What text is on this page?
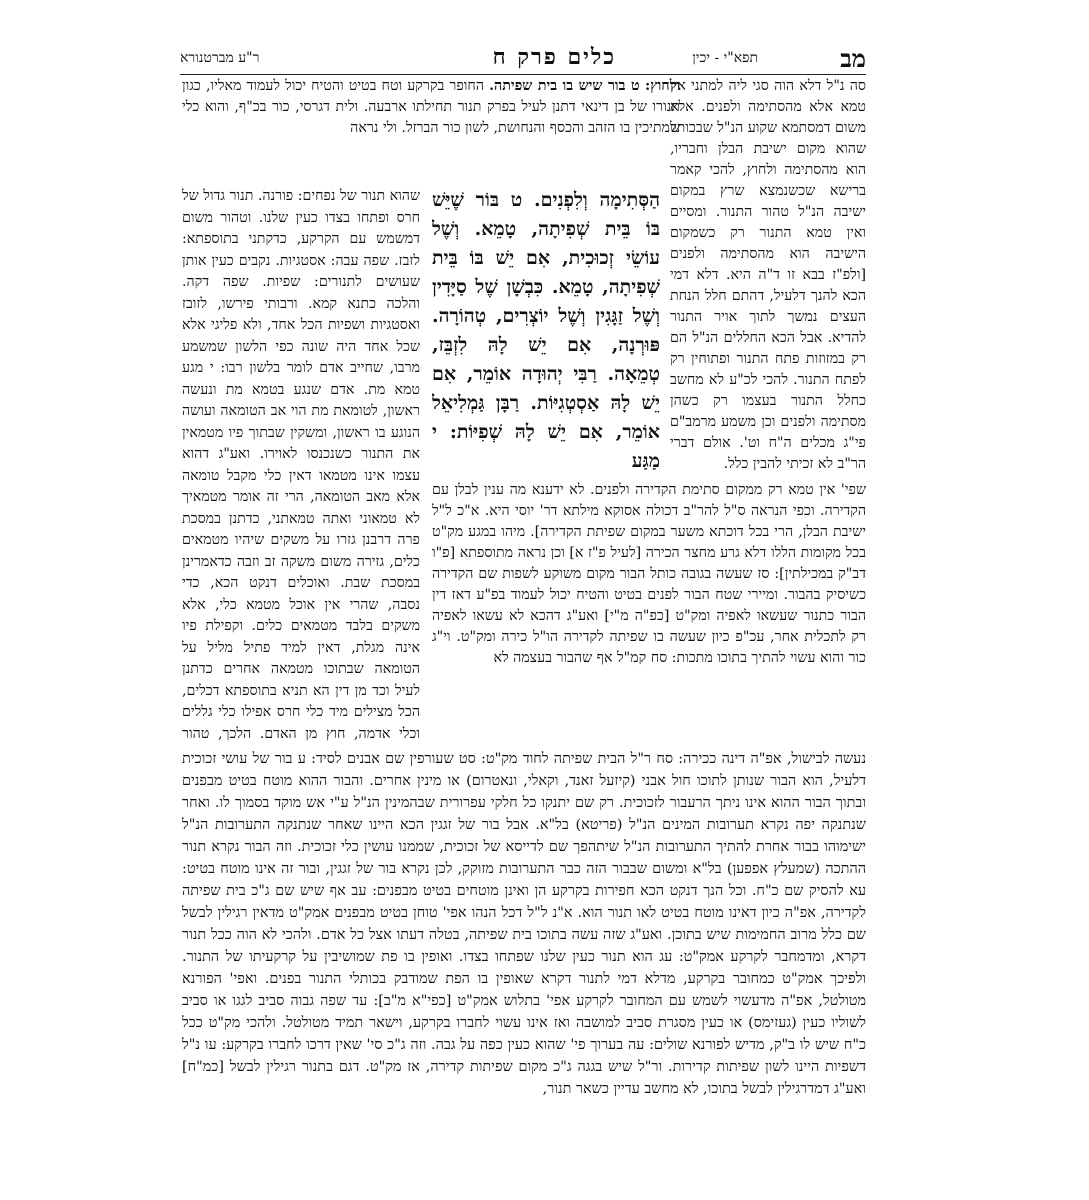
מב
תפא"י - יכין
כלים פרק ח
ר"ע מברטנורא

סה נ"ל דלא הוה סגי ליה למתני אין טמא אלא מהסתימה ולפנים. אלא משום דמסתמא שקוע הנ"ל שבכותל שהוא מקום ישיבת הבלן וחבריו, הוא מהסתימה ולחוץ, להכי קאמר ברישא שכשנמצא שרץ במקום ישיבה הנ"ל טהור התנור. ומסיים ואין טמא התנור רק כשמקום הישיבה הוא מהסתימה ולפנים [ולפ"ז בבא זו ד"ה היא. דלא דמי הכא להנך דלעיל, דהתם חלל הנחת העצים נמשך לתוך אויר התנור להדיא. אבל הכא החללים הנ"ל הם רק במזוזות פתח התנור ופתוחין רק לפתח התנור. להכי לכ"ע לא מחשב כחלל התנור בעצמו רק כשהן מסתימה ולפנים וכן משמע מרמב"ם פי"ג מכלים ה"ח וט'. אולם דברי הר"ב לא זכיתי להבין כלל.

ולחוץ: ט בור שיש בו בית שפיתה. החופר בקרקע וטח בטיט והטיח יכול לעמוד מאליו, כגון תנורו של בן דינאי דתנן לעיל בפרק תנור תחילתו ארבעה. ולית דגרסי, כור בכ"ף, והוא כלי שמתיכין בו הזהב והכסף והנחושת, לשון כור הברזל. ולי נראה

הַסְּתִימָה וְלִפְנִים. ט בּוֹר שֶׁיֵּשׁ בּוֹ בֵּית שְׁפִיתָה, טָמֵא. וְשֶׁל עוֹשֵׂי זְכוּכִית, אִם יֵשׁ בּוֹ בֵּית שְׁפִיתָה, טָמֵא. כִּבְשָׁן שֶׁל סַיָּדִין וְשֶׁל זַגָּגִין וְשֶׁל יוֹצְרִים, טְהוֹרָה. פּוּרְנָה, אִם יֵשׁ לָהּ לִזְבֵּז, טְמֵאָה. רַבִּי יְהוּדָה אוֹמֵר, אִם יֵשׁ לָהּ אַסְטְגִיּוֹת. רַבָּן גַּמְלִיאֵל אוֹמֵר, אִם יֵשׁ לָהּ שְׁפִיּוֹת: י מַגַּע

שהוא תנור של נפחים: פורנה. תנור גדול של חרס ופתחו בצדו כעין שלנו. וטהור משום דמשמש עם הקרקע, כדקתני בתוספתא: לזבז. שפה עבה: אסטגיות. נקבים כעין אותן שעושים לתנורים: שפיות. שפה דקה. והלכה כתנא קמא. ורבותי פירשו, לזובז ואסטגיות ושפיות הכל אחד, ולא פליגי אלא שכל אחד היה שונה כפי הלשון שמשמע מרבו, שחייב אדם לומר בלשון רבו: י מגע טמא מת. אדם שנגע בטמא מת ונעשה ראשון, לטומאת מת הוי אב הטומאה ועושה הנוגע בו ראשון, ומשקין שבתוך פיו מטמאין את התנור כשנכנסו לאוירו. ואע"ג דהוא עצמו אינו מטמאו דאין כלי מקבל טומאה אלא מאב הטומאה, הרי זה אומר מטמאיך לא טמאוני ואתה טמאתני, כדתנן במסכת פרה דרבנן גזרו על משקים שיהיו מטמאים כלים, גזירה משום משקה זב וזבה כדאמרינן במסכת שבת. ואוכלים דנקט הכא, כדי נסבה, שהרי אין אוכל מטמא כלי, אלא משקים בלבד מטמאים כלים. וקפילת פיו אינה מגלת, דאין למיד פתיל מליל על הטומאה שבתוכו מטמאה אחרים כדתנן לעיל וכד מן דין הא תניא בתוספתא דכלים, הכל מצילים מיד כלי חרס אפילו כלי גללים וכלי אדמה, חוץ מן האדם. הלכך, טהור

שפי' אין טמא רק ממקום סתימת הקדירה ולפנים. לא ידענא מה ענין לבלן עם הקדירה. וכפי הנראה ס"ל להר"ב דכולה אסוקא מילתא דר' יוסי היא. א"כ ל"ל ישיבת הבלן, הרי בכל דוכתא משער במקום שפיתת הקדירה]. מיהו במגע מק"ט בכל מקומות הללו דלא גרע מחצר הכירה [לעיל פ"ז א] וכן נראה מתוספתא [פ"ו דב"ק במכילתין]: סז שעשה בגובה כותל הבור מקום משוקע לשפות שם הקדירה כשיסיק בהבור. ומיירי שטח הבור לפנים בטיט והטיח יכול לעמוד בפ"ע דאז דין הבור כתנור שעשאו לאפיה ומק"ט [כפ"ה מ"י] ואע"ג דהכא לא עשאו לאפיה רק לתכלית אחר, עכ"פ כיון שעשה בו שפיתה לקדירה הו"ל כירה ומק"ט. וי"ג כור והוא עשוי להתיך בתוכו מתכות: סח קמ"ל אף שהבור בעצמה לא

נעשה לבישול, אפ"ה דינה ככירה: סח ר"ל הבית שפיתה לחוד מק"ט: סט שעורפין שם אבנים לסיד: ע בור של עושי זכוכית דלעיל, הוא הבור שנותן לתוכו חול אבני (קיזעל זאנד, וקאלי, ונאטרום) או מינין אחרים. והבור ההוא מוטח בטיט מבפנים ובתוך הבור ההוא אינו ניתך הרעבור לזכוכית. רק שם יתנקו כל חלקי עפרורית שבהמינין הנ"ל ע"י אש מוקד בסמוך לו. ואחר שנתנקה יפה נקרא תערובות המינים הנ"ל (פריטא) בל"א. אבל בור של זגגין הכא היינו שאחר שנתנקה התערובות הנ"ל ישימוהו בבור אחרת להתיך התערובות הנ"ל שיתהפך שם לדייסא של זכוכית, שממנו עושין כלי זכוכית. וזה הבור נקרא תנור ההתכה (שמעלץ אפפען) בל"א ומשום שבבור הזה כבר התערובות מזוקק, לכן נקרא בור של זגגין, ובור זה אינו מוטח בטיט: עא להסיק שם כ"ח. וכל הנך דנקט הכא חפירות בקרקע הן ואינן מוטחים בטיט מבפנים: עב אף שיש שם ג"כ בית שפיתה לקדירה, אפ"ה כיון דאינו מוטח בטיט לאו תנור הוא. א"נ ל"ל דכל הנהו אפי' טוחן בטיט מבפנים אמק"ט מדאין רגילין לבשל שם כלל מרוב החמימות שיש בתוכן. ואע"ג שזה עשה בתוכו בית שפיתה, בטלה דעתו אצל כל אדם. ולהכי לא הוה ככל תנור דקרא, ומדמחבר לקרקע אמק"ט: עג הוא תנור כעין שלנו שפתחו בצדו. ואופין בו פת שמושיבין על קרקעיתו של התנור. ולפיכך אמק"ט כמחובר בקרקע, מדלא דמי לתנור דקרא שאופין בו הפת שמודבק בכותלי התנור בפנים. ואפי' הפורנא מטולטל, אפ"ה מדעשוי לשמש עם המחובר לקרקע אפי' בתלוש אמק"ט [כפי"א מ"ב]: עד שפה גבוה סביב לגגו או סביב לשוליו כעין (געזימס) או כעין מסגרת סביב למושבה ואז אינו עשוי לחברו בקרקע, וישאר תמיד מטולטל. ולהכי מק"ט ככל כ"ח שיש לו ב"ק, מדיש לפורנא שולים: עה בערוך פי' שהוא כעין כפה על גבה. וזה ג"כ סי' שאין דרכו לחברו בקרקע: עו נ"ל דשפיות היינו לשון שפיתות קדירות. ור"ל שיש בגגה ג"כ מקום שפיתות קדירה, אז מק"ט. דגם בתנור רגילין לבשל [כמ"ח] ואע"ג דמדרגילין לבשל בתוכו, לא מחשב עדיין כשאר תנור,
